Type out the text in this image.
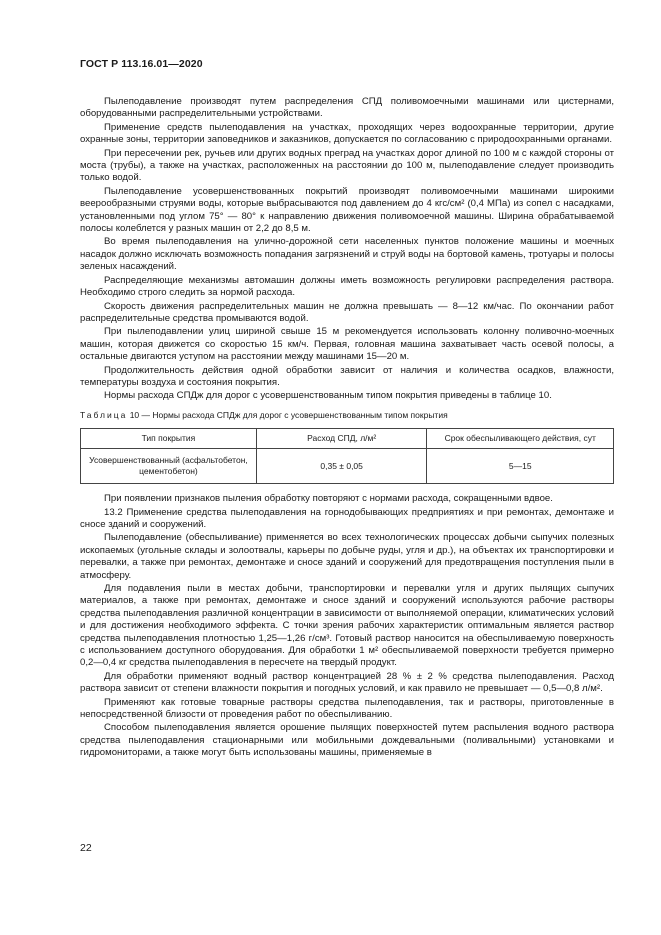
ГОСТ Р 113.16.01—2020

Пылеподавление производят путем распределения СПД поливомоечными машинами или цистернами, оборудованными распределительными устройствами.

Применение средств пылеподавления на участках, проходящих через водоохранные территории, другие охранные зоны, территории заповедников и заказников, допускается по согласованию с природоохранными органами.

При пересечении рек, ручьев или других водных преград на участках дорог длиной по 100 м с каждой стороны от моста (трубы), а также на участках, расположенных на расстоянии до 100 м, пылеподавление следует производить только водой.

Пылеподавление усовершенствованных покрытий производят поливомоечными машинами широкими веерообразными струями воды, которые выбрасываются под давлением до 4 кгс/см² (0,4 МПа) из сопел с насадками, установленными под углом 75° — 80° к направлению движения поливомоечной машины. Ширина обрабатываемой полосы колеблется у разных машин от 2,2 до 8,5 м.

Во время пылеподавления на улично-дорожной сети населенных пунктов положение машины и моечных насадок должно исключать возможность попадания загрязнений и струй воды на бортовой камень, тротуары и полосы зеленых насаждений.

Распределяющие механизмы автомашин должны иметь возможность регулировки распределения раствора. Необходимо строго следить за нормой расхода.

Скорость движения распределительных машин не должна превышать — 8—12 км/час. По окончании работ распределительные средства промываются водой.

При пылеподавлении улиц шириной свыше 15 м рекомендуется использовать колонну поливочно-моечных машин, которая движется со скоростью 15 км/ч. Первая, головная машина захватывает часть осевой полосы, а остальные двигаются уступом на расстоянии между машинами 15—20 м.

Продолжительность действия одной обработки зависит от наличия и количества осадков, влажности, температуры воздуха и состояния покрытия.

Нормы расхода СПДж для дорог с усовершенствованным типом покрытия приведены в таблице 10.

Таблица 10 — Нормы расхода СПДж для дорог с усовершенствованным типом покрытия

Тип покрытия	Расход СПД, л/м²	Срок обеспыливающего действия, сут
Усовершенствованный (асфальтобетон, цементобетон)	0,35 ± 0,05	5—15

При появлении признаков пыления обработку повторяют с нормами расхода, сокращенными вдвое.

13.2 Применение средства пылеподавления на горнодобывающих предприятиях и при ремонтах, демонтаже и сносе зданий и сооружений.

Пылеподавление (обеспыливание) применяется во всех технологических процессах добычи сыпучих полезных ископаемых (угольные склады и золоотвалы, карьеры по добыче руды, угля и др.), на объектах их транспортировки и перевалки, а также при ремонтах, демонтаже и сносе зданий и сооружений для предотвращения поступления пыли в атмосферу.

Для подавления пыли в местах добычи, транспортировки и перевалки угля и других пылящих сыпучих материалов, а также при ремонтах, демонтаже и сносе зданий и сооружений используются рабочие растворы средства пылеподавления различной концентрации в зависимости от выполняемой операции, климатических условий и для достижения необходимого эффекта. С точки зрения рабочих характеристик оптимальным является раствор средства пылеподавления плотностью 1,25—1,26 г/см³. Готовый раствор наносится на обеспыливаемую поверхность с использованием доступного оборудования. Для обработки 1 м² обеспыливаемой поверхности требуется примерно 0,2—0,4 кг средства пылеподавления в пересчете на твердый продукт.

Для обработки применяют водный раствор концентрацией 28 % ± 2 % средства пылеподавления. Расход раствора зависит от степени влажности покрытия и погодных условий, и как правило не превышает — 0,5—0,8 л/м².

Применяют как готовые товарные растворы средства пылеподавления, так и растворы, приготовленные в непосредственной близости от проведения работ по обеспыливанию.

Способом пылеподавления является орошение пылящих поверхностей путем распыления водного раствора средства пылеподавления стационарными или мобильными дождевальными (поливальными) установками и гидромониторами, а также могут быть использованы машины, применяемые в

22
